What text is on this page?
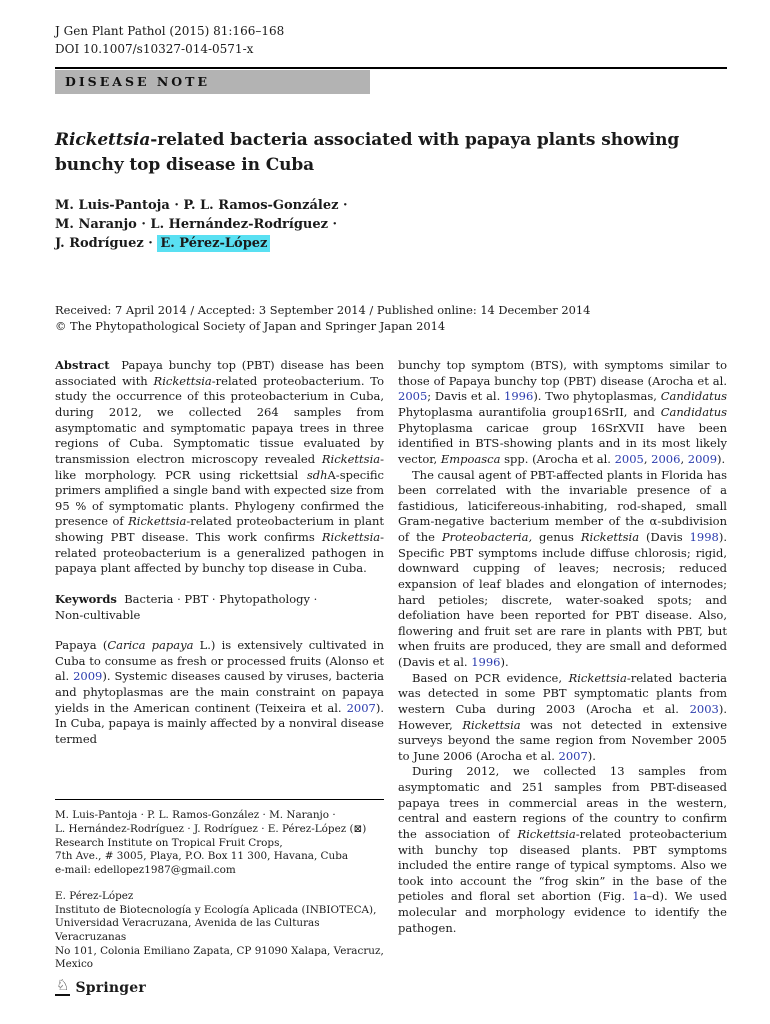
J Gen Plant Pathol (2015) 81:166–168
DOI 10.1007/s10327-014-0571-x
DISEASE NOTE
Rickettsia-related bacteria associated with papaya plants showing
bunchy top disease in Cuba
M. Luis-Pantoja · P. L. Ramos-González ·
M. Naranjo · L. Hernández-Rodríguez ·
J. Rodríguez · E. Pérez-López
Received: 7 April 2014 / Accepted: 3 September 2014 / Published online: 14 December 2014
© The Phytopathological Society of Japan and Springer Japan 2014
Abstract  Papaya bunchy top (PBT) disease has been associated with Rickettsia-related proteobacterium. To study the occurrence of this proteobacterium in Cuba, during 2012, we collected 264 samples from asymptomatic and symptomatic papaya trees in three regions of Cuba. Symptomatic tissue evaluated by transmission electron microscopy revealed Rickettsia-like morphology. PCR using rickettsial sdhA-specific primers amplified a single band with expected size from 95 % of symptomatic plants. Phylogeny confirmed the presence of Rickettsia-related proteobacterium in plant showing PBT disease. This work confirms Rickettsia-related proteobacterium is a generalized pathogen in papaya plant affected by bunchy top disease in Cuba.
Keywords  Bacteria · PBT · Phytopathology ·
Non-cultivable
Papaya (Carica papaya L.) is extensively cultivated in Cuba to consume as fresh or processed fruits (Alonso et al. 2009). Systemic diseases caused by viruses, bacteria and phytoplasmas are the main constraint on papaya yields in the American continent (Teixeira et al. 2007). In Cuba, papaya is mainly affected by a nonviral disease termed
M. Luis-Pantoja · P. L. Ramos-González · M. Naranjo ·
L. Hernández-Rodríguez · J. Rodríguez · E. Pérez-López (⊠)
Research Institute on Tropical Fruit Crops,
7th Ave., # 3005, Playa, P.O. Box 11 300, Havana, Cuba
e-mail: edellopez1987@gmail.com
E. Pérez-López
Instituto de Biotecnología y Ecología Aplicada (INBIOTECA),
Universidad Veracruzana, Avenida de las Culturas Veracruzanas
No 101, Colonia Emiliano Zapata, CP 91090 Xalapa, Veracruz,
Mexico
bunchy top symptom (BTS), with symptoms similar to those of Papaya bunchy top (PBT) disease (Arocha et al. 2005; Davis et al. 1996). Two phytoplasmas, Candidatus Phytoplasma aurantifolia group16SrII, and Candidatus Phytoplasma caricae group 16SrXVII have been identified in BTS-showing plants and in its most likely vector, Empoasca spp. (Arocha et al. 2005, 2006, 2009).
The causal agent of PBT-affected plants in Florida has been correlated with the invariable presence of a fastidious, laticifereous-inhabiting, rod-shaped, small Gram-negative bacterium member of the α-subdivision of the Proteobacteria, genus Rickettsia (Davis 1998). Specific PBT symptoms include diffuse chlorosis; rigid, downward cupping of leaves; necrosis; reduced expansion of leaf blades and elongation of internodes; hard petioles; discrete, water-soaked spots; and defoliation have been reported for PBT disease. Also, flowering and fruit set are rare in plants with PBT, but when fruits are produced, they are small and deformed (Davis et al. 1996).
Based on PCR evidence, Rickettsia-related bacteria was detected in some PBT symptomatic plants from western Cuba during 2003 (Arocha et al. 2003). However, Rickettsia was not detected in extensive surveys beyond the same region from November 2005 to June 2006 (Arocha et al. 2007).
During 2012, we collected 13 samples from asymptomatic and 251 samples from PBT-diseased papaya trees in commercial areas in the western, central and eastern regions of the country to confirm the association of Rickettsia-related proteobacterium with bunchy top diseased plants. PBT symptoms included the entire range of typical symptoms. Also we took into account the “frog skin” in the base of the petioles and floral set abortion (Fig. 1a–d). We used molecular and morphology evidence to identify the pathogen.
♘ Springer
